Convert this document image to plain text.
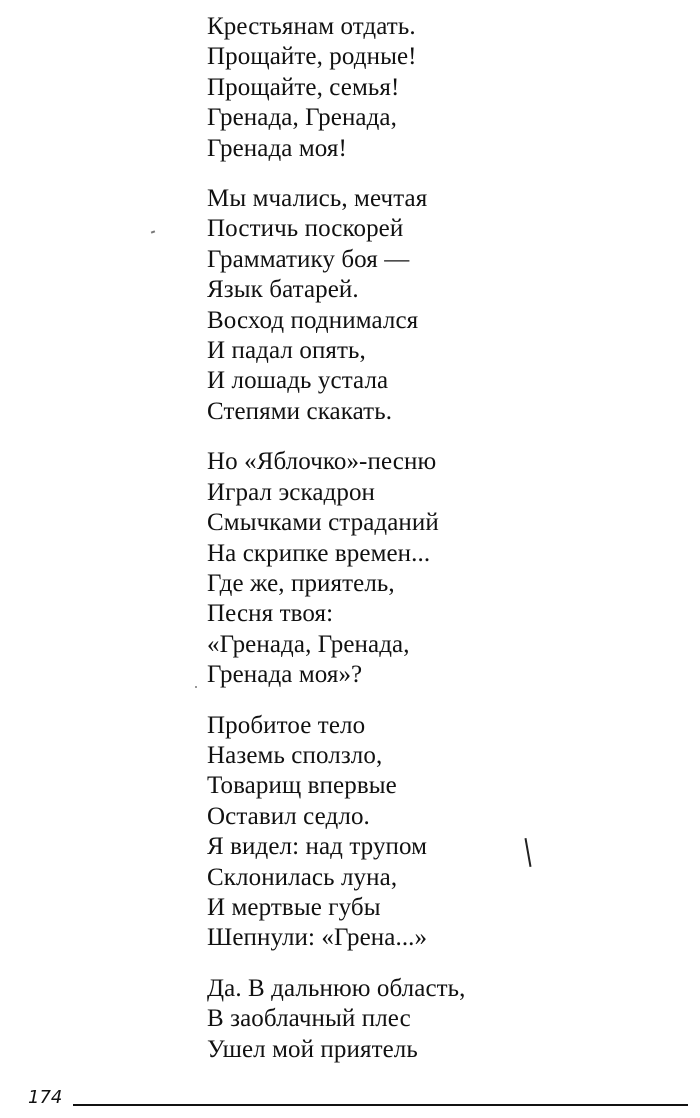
Крестьянам отдать.
Прощайте, родные!
Прощайте, семья!
Гренада, Гренада,
Гренада моя!
Мы мчались, мечтая
Постичь поскорей
Грамматику боя —
Язык батарей.
Восход поднимался
И падал опять,
И лошадь устала
Степями скакать.
Но «Яблочко»-песню
Играл эскадрон
Смычками страданий
На скрипке времен...
Где же, приятель,
Песня твоя:
«Гренада, Гренада,
Гренада моя»?
Пробитое тело
Наземь сползло,
Товарищ впервые
Оставил седло.
Я видел: над трупом
Склонилась луна,
И мертвые губы
Шепнули: «Грена...»
Да. В дальнюю область,
В заоблачный плес
Ушел мой приятель
174
